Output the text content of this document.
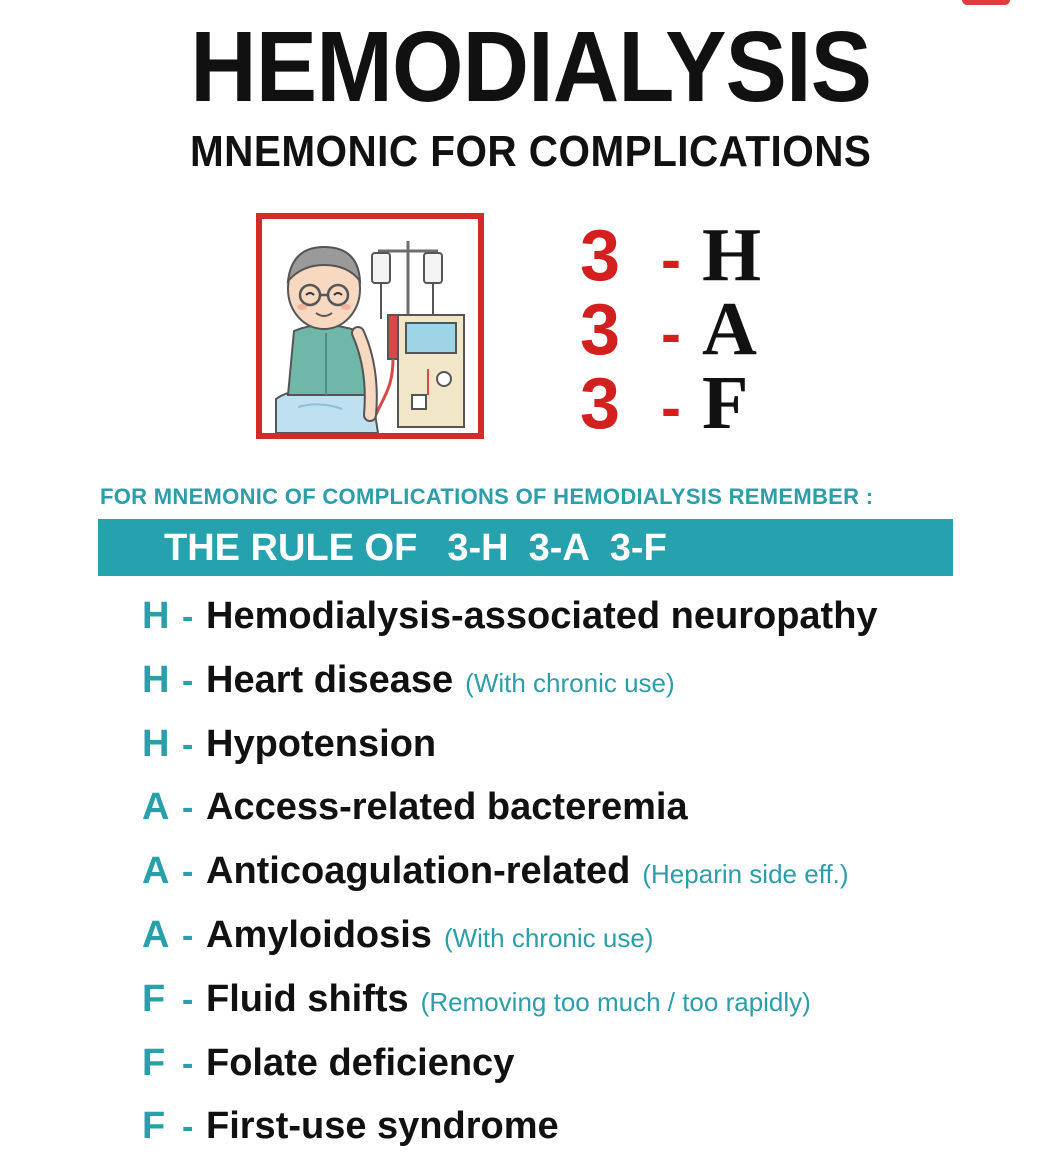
HEMODIALYSIS
MNEMONIC FOR COMPLICATIONS
3 - H
3 - A
3 - F
FOR MNEMONIC OF COMPLICATIONS OF HEMODIALYSIS REMEMBER :
THE RULE OF 3-H 3-A 3-F
H - Hemodialysis-associated neuropathy
H - Heart disease (With chronic use)
H - Hypotension
A - Access-related bacteremia
A - Anticoagulation-related (Heparin side eff.)
A - Amyloidosis (With chronic use)
F - Fluid shifts (Removing too much / too rapidly)
F - Folate deficiency
F - First-use syndrome
